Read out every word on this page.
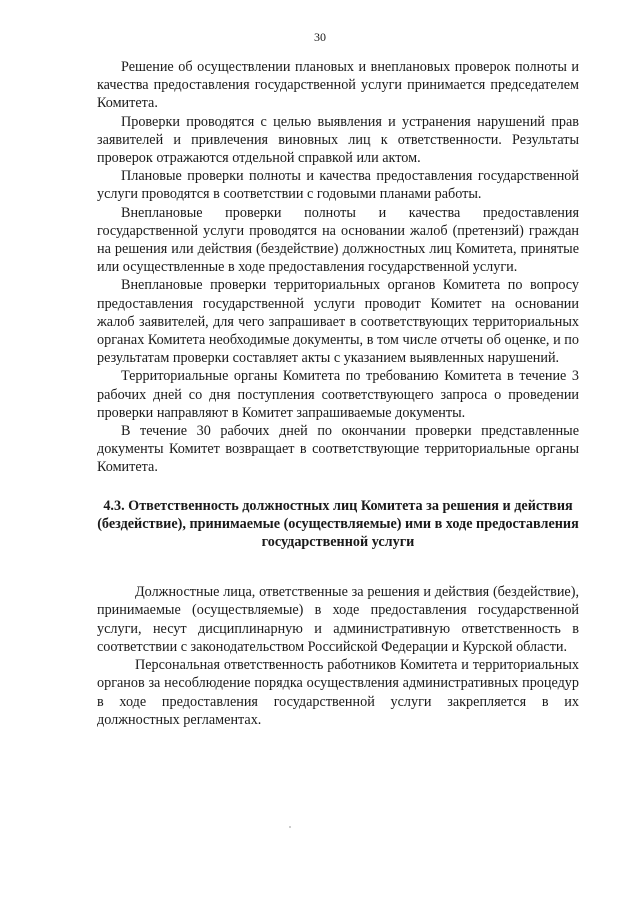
30

Решение об осуществлении плановых и внеплановых проверок полноты и качества предоставления государственной услуги принимается председателем Комитета.

Проверки проводятся с целью выявления и устранения нарушений прав заявителей и привлечения виновных лиц к ответственности. Результаты проверок отражаются отдельной справкой или актом.

Плановые проверки полноты и качества предоставления государственной услуги проводятся в соответствии с годовыми планами работы.

Внеплановые проверки полноты и качества предоставления государственной услуги проводятся на основании жалоб (претензий) граждан на решения или действия (бездействие) должностных лиц Комитета, принятые или осуществленные в ходе предоставления государственной услуги.

Внеплановые проверки территориальных органов Комитета по вопросу предоставления государственной услуги проводит Комитет на основании жалоб заявителей, для чего запрашивает в соответствующих территориальных органах Комитета необходимые документы, в том числе отчеты об оценке, и по результатам проверки составляет акты с указанием выявленных нарушений.

Территориальные органы Комитета по требованию Комитета в течение 3 рабочих дней со дня поступления соответствующего запроса о проведении проверки направляют в Комитет запрашиваемые документы.

В течение 30 рабочих дней по окончании проверки представленные документы Комитет возвращает в соответствующие территориальные органы Комитета.

4.3. Ответственность должностных лиц Комитета за решения и действия (бездействие), принимаемые (осуществляемые) ими в ходе предоставления государственной услуги

Должностные лица, ответственные за решения и действия (бездействие), принимаемые (осуществляемые) в ходе предоставления государственной услуги, несут дисциплинарную и административную ответственность в соответствии с законодательством Российской Федерации и Курской области.

Персональная ответственность работников Комитета и территориальных органов за несоблюдение порядка осуществления административных процедур в ходе предоставления государственной услуги закрепляется в их должностных регламентах.
